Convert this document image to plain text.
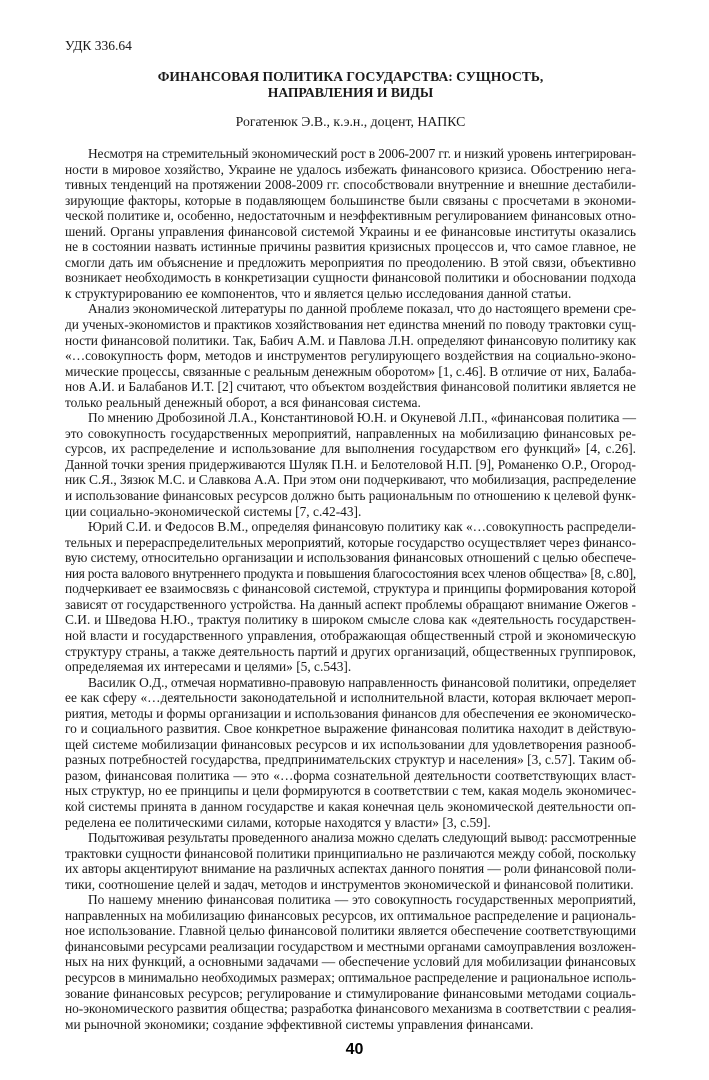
УДК 336.64
ФИНАНСОВАЯ ПОЛИТИКА ГОСУДАРСТВА: СУЩНОСТЬ,
НАПРАВЛЕНИЯ И ВИДЫ
Рогатенюк Э.В., к.э.н., доцент, НАПКС
Несмотря на стремительный экономический рост в 2006-2007 гг. и низкий уровень интегрирован-
ности в мировое хозяйство, Украине не удалось избежать финансового кризиса. Обострению нега-
тивных тенденций на протяжении 2008-2009 гг. способствовали внутренние и внешние дестабили-
зирующие факторы, которые в подавляющем большинстве были связаны с просчетами в экономи-
ческой политике и, особенно, недостаточным и неэффективным регулированием финансовых отно-
шений. Органы управления финансовой системой Украины и ее финансовые институты оказались
не в состоянии назвать истинные причины развития кризисных процессов и, что самое главное, не
смогли дать им объяснение и предложить мероприятия по преодолению. В этой связи, объективно
возникает необходимость в конкретизации сущности финансовой политики и обосновании подхода
к структурированию ее компонентов, что и является целью исследования данной статьи.
Анализ экономической литературы по данной проблеме показал, что до настоящего времени сре-
ди ученых-экономистов и практиков хозяйствования нет единства мнений по поводу трактовки сущ-
ности финансовой политики. Так, Бабич А.М. и Павлова Л.Н. определяют финансовую политику как
«…совокупность форм, методов и инструментов регулирующего воздействия на социально-эконо-
мические процессы, связанные с реальным денежным оборотом» [1, с.46]. В отличие от них, Балаба-
нов А.И. и Балабанов И.Т. [2] считают, что объектом воздействия финансовой политики является не
только реальный денежный оборот, а вся финансовая система.
По мнению Дробозиной Л.А., Константиновой Ю.Н. и Окуневой Л.П., «финансовая политика —
это совокупность государственных мероприятий, направленных на мобилизацию финансовых ре-
сурсов, их распределение и использование для выполнения государством его функций» [4, с.26].
Данной точки зрения придерживаются Шуляк П.Н. и Белотеловой Н.П. [9], Романенко О.Р., Огород-
ник С.Я., Зязюк М.С. и Славкова А.А. При этом они подчеркивают, что мобилизация, распределение
и использование финансовых ресурсов должно быть рациональным по отношению к целевой функ-
ции социально-экономической системы [7, с.42-43].
Юрий С.И. и Федосов В.М., определяя финансовую политику как «…совокупность распредели-
тельных и перераспределительных мероприятий, которые государство осуществляет через финансо-
вую систему, относительно организации и использования финансовых отношений с целью обеспече-
ния роста валового внутреннего продукта и повышения благосостояния всех членов общества» [8, с.80],
подчеркивает ее взаимосвязь с финансовой системой, структура и принципы формирования которой
зависят от государственного устройства. На данный аспект проблемы обращают внимание Ожегов -
С.И. и Шведова Н.Ю., трактуя политику в широком смысле слова как «деятельность государствен-
ной власти и государственного управления, отображающая общественный строй и экономическую
структуру страны, а также деятельность партий и других организаций, общественных группировок,
определяемая их интересами и целями» [5, с.543].
Василик О.Д., отмечая нормативно-правовую направленность финансовой политики, определяет
ее как сферу «…деятельности законодательной и исполнительной власти, которая включает мероп-
риятия, методы и формы организации и использования финансов для обеспечения ее экономическо-
го и социального развития. Свое конкретное выражение финансовая политика находит в действую-
щей системе мобилизации финансовых ресурсов и их использовании для удовлетворения разнооб-
разных потребностей государства, предпринимательских структур и населения» [3, с.57]. Таким об-
разом, финансовая политика — это «…форма сознательной деятельности соответствующих власт-
ных структур, но ее принципы и цели формируются в соответствии с тем, какая модель экономичес-
кой системы принята в данном государстве и какая конечная цель экономической деятельности оп-
ределена ее политическими силами, которые находятся у власти» [3, с.59].
Подытоживая результаты проведенного анализа можно сделать следующий вывод: рассмотренные
трактовки сущности финансовой политики принципиально не различаются между собой, поскольку
их авторы акцентируют внимание на различных аспектах данного понятия — роли финансовой поли-
тики, соотношение целей и задач, методов и инструментов экономической и финансовой политики.
По нашему мнению финансовая политика — это совокупность государственных мероприятий,
направленных на мобилизацию финансовых ресурсов, их оптимальное распределение и рациональ-
ное использование. Главной целью финансовой политики является обеспечение соответствующими
финансовыми ресурсами реализации государством и местными органами самоуправления возложен-
ных на них функций, а основными задачами — обеспечение условий для мобилизации финансовых
ресурсов в минимально необходимых размерах; оптимальное распределение и рациональное исполь-
зование финансовых ресурсов; регулирование и стимулирование финансовыми методами социаль-
но-экономического развития общества; разработка финансового механизма в соответствии с реалия-
ми рыночной экономики; создание эффективной системы управления финансами.
40
